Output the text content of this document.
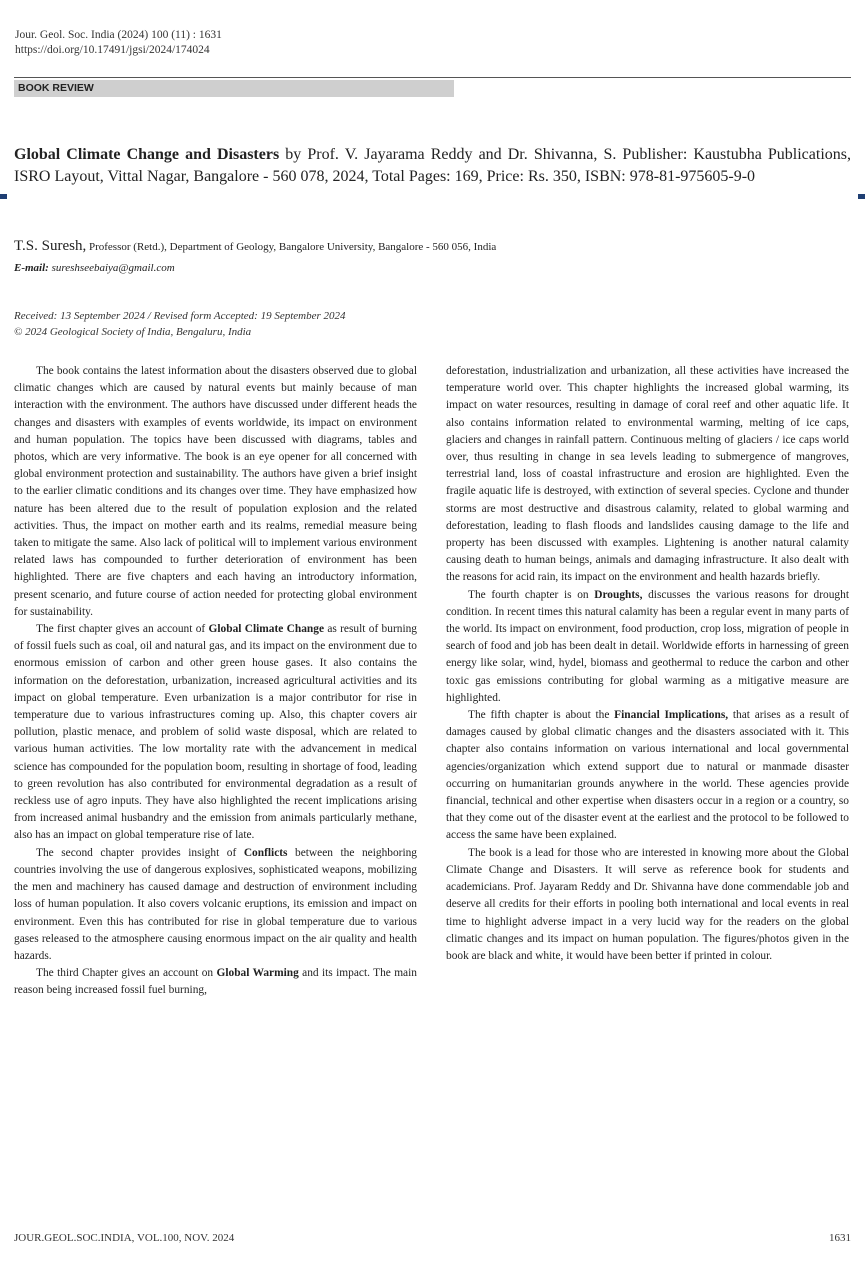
Jour. Geol. Soc. India (2024) 100 (11) : 1631
https://doi.org/10.17491/jgsi/2024/174024
BOOK REVIEW
Global Climate Change and Disasters by Prof. V. Jayarama Reddy and Dr. Shivanna, S. Publisher: Kaustubha Publications, ISRO Layout, Vittal Nagar, Bangalore - 560 078, 2024, Total Pages: 169, Price: Rs. 350, ISBN: 978-81-975605-9-0
T.S. Suresh, Professor (Retd.), Department of Geology, Bangalore University, Bangalore - 560 056, India
E-mail: sureshseebaiya@gmail.com
Received: 13 September 2024 / Revised form Accepted: 19 September 2024
© 2024 Geological Society of India, Bengaluru, India

The book contains the latest information about the disasters observed due to global climatic changes which are caused by natural events but mainly because of man interaction with the environment. The authors have discussed under different heads the changes and disasters with examples of events worldwide, its impact on environment and human population. The topics have been discussed with diagrams, tables and photos, which are very informative. The book is an eye opener for all concerned with global environment protection and sustainability. The authors have given a brief insight to the earlier climatic conditions and its changes over time. They have emphasized how nature has been altered due to the result of population explosion and the related activities. Thus, the impact on mother earth and its realms, remedial measure being taken to mitigate the same. Also lack of political will to implement various environment related laws has compounded to further deterioration of environment has been highlighted. There are five chapters and each having an introductory information, present scenario, and future course of action needed for protecting global environment for sustainability.

The first chapter gives an account of Global Climate Change as result of burning of fossil fuels such as coal, oil and natural gas, and its impact on the environment due to enormous emission of carbon and other green house gases. It also contains the information on the deforestation, urbanization, increased agricultural activities and its impact on global temperature. Even urbanization is a major contributor for rise in temperature due to various infrastructures coming up. Also, this chapter covers air pollution, plastic menace, and problem of solid waste disposal, which are related to various human activities. The low mortality rate with the advancement in medical science has compounded for the population boom, resulting in shortage of food, leading to green revolution has also contributed for environmental degradation as a result of reckless use of agro inputs. They have also highlighted the recent implications arising from increased animal husbandry and the emission from animals particularly methane, also has an impact on global temperature rise of late.

The second chapter provides insight of Conflicts between the neighboring countries involving the use of dangerous explosives, sophisticated weapons, mobilizing the men and machinery has caused damage and destruction of environment including loss of human population. It also covers volcanic eruptions, its emission and impact on environment. Even this has contributed for rise in global temperature due to various gases released to the atmosphere causing enormous impact on the air quality and health hazards.

The third Chapter gives an account on Global Warming and its impact. The main reason being increased fossil fuel burning,

deforestation, industrialization and urbanization, all these activities have increased the temperature world over. This chapter highlights the increased global warming, its impact on water resources, resulting in damage of coral reef and other aquatic life. It also contains information related to environmental warming, melting of ice caps, glaciers and changes in rainfall pattern. Continuous melting of glaciers / ice caps world over, thus resulting in change in sea levels leading to submergence of mangroves, terrestrial land, loss of coastal infrastructure and erosion are highlighted. Even the fragile aquatic life is destroyed, with extinction of several species. Cyclone and thunder storms are most destructive and disastrous calamity, related to global warming and deforestation, leading to flash floods and landslides causing damage to the life and property has been discussed with examples. Lightening is another natural calamity causing death to human beings, animals and damaging infrastructure. It also dealt with the reasons for acid rain, its impact on the environment and health hazards briefly.

The fourth chapter is on Droughts, discusses the various reasons for drought condition. In recent times this natural calamity has been a regular event in many parts of the world. Its impact on environment, food production, crop loss, migration of people in search of food and job has been dealt in detail. Worldwide efforts in harnessing of green energy like solar, wind, hydel, biomass and geothermal to reduce the carbon and other toxic gas emissions contributing for global warming as a mitigative measure are highlighted.

The fifth chapter is about the Financial Implications, that arises as a result of damages caused by global climatic changes and the disasters associated with it. This chapter also contains information on various international and local governmental agencies/organization which extend support due to natural or manmade disaster occurring on humanitarian grounds anywhere in the world. These agencies provide financial, technical and other expertise when disasters occur in a region or a country, so that they come out of the disaster event at the earliest and the protocol to be followed to access the same have been explained.

The book is a lead for those who are interested in knowing more about the Global Climate Change and Disasters. It will serve as reference book for students and academicians. Prof. Jayaram Reddy and Dr. Shivanna have done commendable job and deserve all credits for their efforts in pooling both international and local events in real time to highlight adverse impact in a very lucid way for the readers on the global climatic changes and its impact on human population. The figures/photos given in the book are black and white, it would have been better if printed in colour.

JOUR.GEOL.SOC.INDIA, VOL.100, NOV. 2024	1631
